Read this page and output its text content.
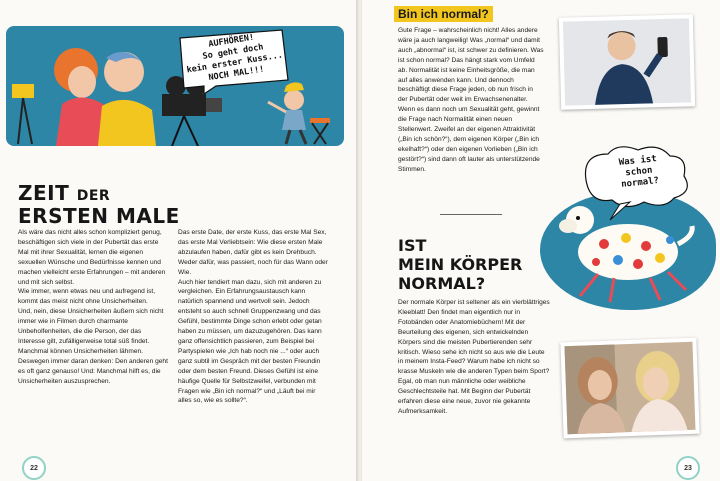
AUFHÖREN!
So geht doch
kein erster Kuss...
NOCH MAL!!!
ZEIT DER
ERSTEN MALE

Als wäre das nicht alles schon kompliziert genug, beschäftigen sich viele in der Pubertät das erste Mal mit ihrer Sexualität, lernen die eigenen sexuellen Wünsche und Bedürfnisse kennen und machen vielleicht erste Erfahrungen – mit anderen und mit sich selbst.

Wie immer, wenn etwas neu und aufregend ist, kommt das meist nicht ohne Unsicherheiten.

Und, nein, diese Unsicherheiten äußern sich nicht immer wie in Filmen durch charmante Unbeholfenheiten, die die Person, der das Interesse gilt, zufälligerweise total süß findet. Manchmal können Unsicherheiten lähmen. Deswegen immer daran denken: Den anderen geht es oft ganz genauso! Und: Manchmal hilft es, die Unsicherheiten auszusprechen.

Das erste Date, der erste Kuss, das erste Mal Sex, das erste Mal Verliebtsein: Wie diese ersten Male abzulaufen haben, dafür gibt es kein Drehbuch. Weder dafür, was passiert, noch für das Wann oder Wie.

Auch hier tendiert man dazu, sich mit anderen zu vergleichen. Ein Erfahrungsaustausch kann natürlich spannend und wertvoll sein. Jedoch entsteht so auch schnell Gruppenzwang und das Gefühl, bestimmte Dinge schon erlebt oder getan haben zu müssen, um dazuzugehören. Das kann ganz offensichtlich passieren, zum Beispiel bei Partyspielen wie „Ich hab noch nie ...“ oder auch ganz subtil im Gespräch mit der besten Freundin oder dem besten Freund. Dieses Gefühl ist eine häufige Quelle für Selbstzweifel, verbunden mit Fragen wie „Bin ich normal?“ und „Läuft bei mir alles so, wie es sollte?“.

22
Bin ich normal?
Gute Frage – wahrscheinlich nicht! Alles andere wäre ja auch langweilig! Was „normal“ und damit auch „abnormal“ ist, ist schwer zu definieren. Was ist schon normal? Das hängt stark vom Umfeld ab. Normalität ist keine Einheitsgröße, die man auf alles anwenden kann. Und dennoch beschäftigt diese Frage jeden, ob nun frisch in der Pubertät oder weit im Erwachsenenalter. Wenn es dann noch um Sexualität geht, gewinnt die Frage nach Normalität einen neuen Stellenwert. Zweifel an der eigenen Attraktivität („Bin ich schön?“), dem eigenen Körper („Bin ich ekelhaft?“) oder den eigenen Vorlieben („Bin ich gestört?“) sind dann oft lauter als unterstützende Stimmen.
IST
MEIN KÖRPER
NORMAL?
Der normale Körper ist seltener als ein vierblättriges Kleeblatt! Den findet man eigentlich nur in Fotobänden oder Anatomiebüchern! Mit der Beurteilung des eigenen, sich entwickelnden Körpers sind die meisten Pubertierenden sehr kritisch. Wieso sehe ich nicht so aus wie die Leute in meinem Insta-Feed? Warum habe ich nicht so krasse Muskeln wie die anderen Typen beim Sport? Egal, ob man nun männliche oder weibliche Geschlechtsteile hat. Mit Beginn der Pubertät erfahren diese eine neue, zuvor nie gekannte Aufmerksamkeit.
Was ist
schon
normal?
23
